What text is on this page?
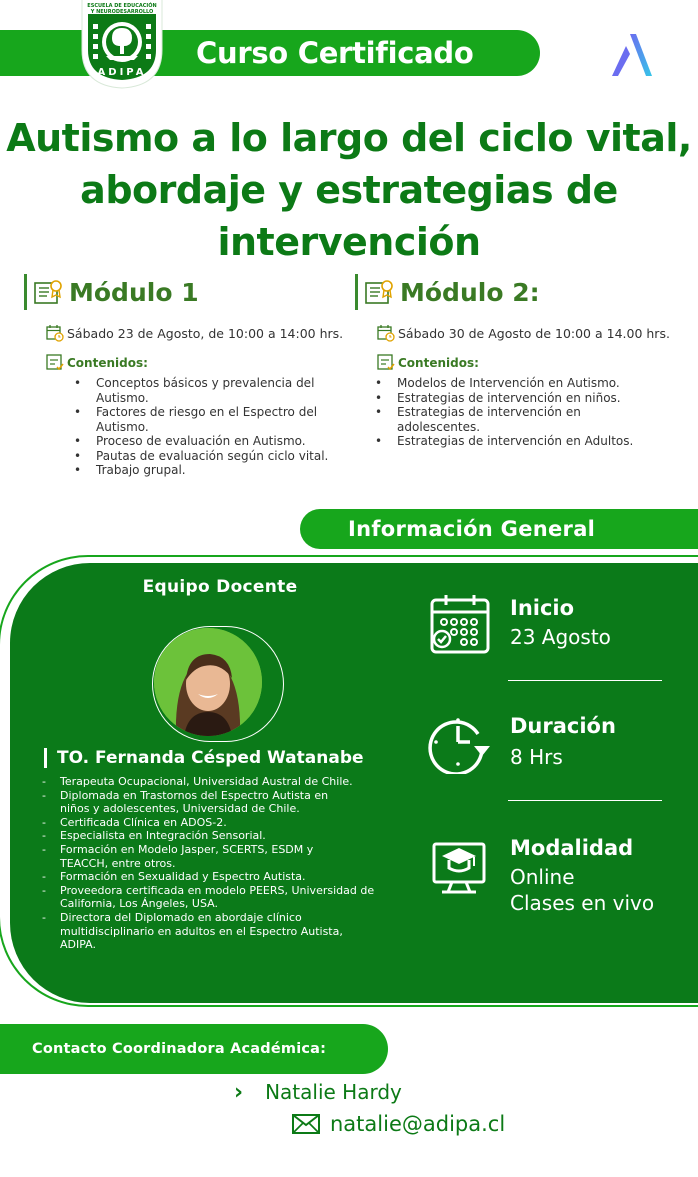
Curso Certificado
ESCUELA DE EDUCACIÓN
Y NEURODESARROLLO
ADIPA
Autismo a lo largo del ciclo vital,
abordaje y estrategias de
intervención
Módulo 1
Sábado 23 de Agosto, de 10:00 a 14:00 hrs.
Contenidos:
• Conceptos básicos y prevalencia del Autismo.
• Factores de riesgo en el Espectro del Autismo.
• Proceso de evaluación en Autismo.
• Pautas de evaluación según ciclo vital.
• Trabajo grupal.
Módulo 2:
Sábado 30 de Agosto de 10:00 a 14.00 hrs.
Contenidos:
• Modelos de Intervención en Autismo.
• Estrategias de intervención en niños.
• Estrategias de intervención en adolescentes.
• Estrategias de intervención en Adultos.
Información General
Equipo Docente
TO. Fernanda Césped Watanabe
- Terapeuta Ocupacional, Universidad Austral de Chile.
- Diplomada en Trastornos del Espectro Autista en niños y adolescentes, Universidad de Chile.
- Certificada Clínica en ADOS-2.
- Especialista en Integración Sensorial.
- Formación en Modelo Jasper, SCERTS, ESDM y TEACCH, entre otros.
- Formación en Sexualidad y Espectro Autista.
- Proveedora certificada en modelo PEERS, Universidad de California, Los Ángeles, USA.
- Directora del Diplomado en abordaje clínico multidisciplinario en adultos en el Espectro Autista, ADIPA.
Inicio
23 Agosto
Duración
8 Hrs
Modalidad
Online
Clases en vivo
Contacto Coordinadora Académica:
› Natalie Hardy
natalie@adipa.cl
